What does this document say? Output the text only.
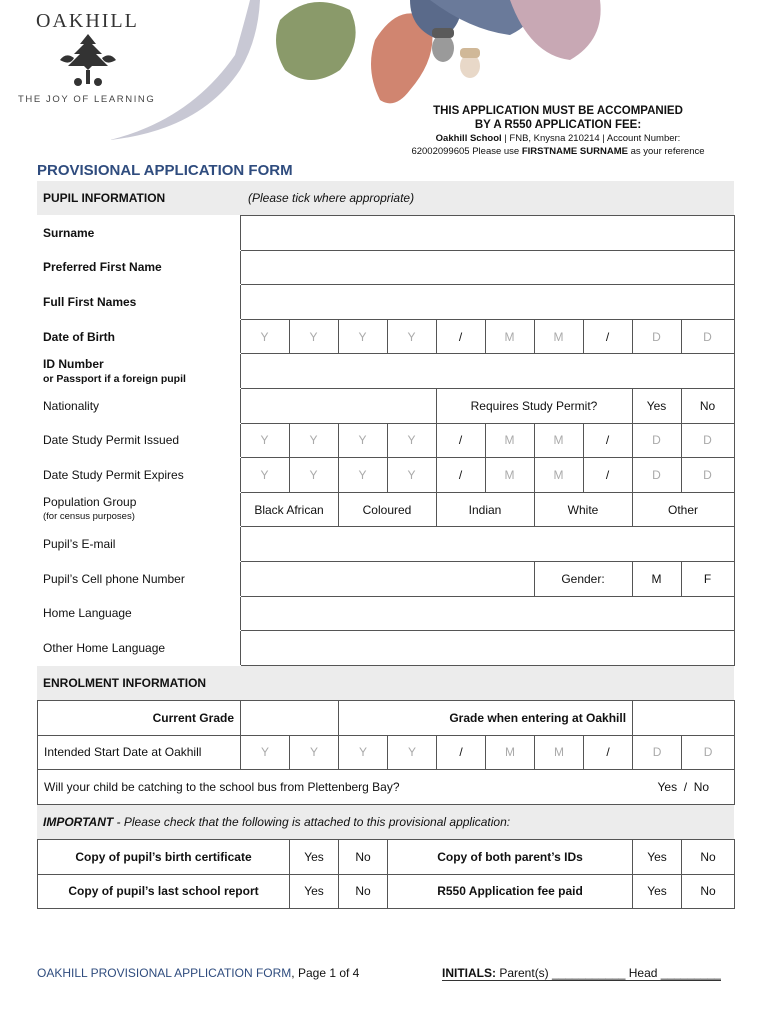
OAKHILL
THE JOY OF LEARNING
THIS APPLICATION MUST BE ACCOMPANIED
BY A R550 APPLICATION FEE:
Oakhill School | FNB, Knysna 210214 | Account Number:
62002099605 Please use FIRSTNAME SURNAME as your reference
PROVISIONAL APPLICATION FORM
PUPIL INFORMATION	(Please tick where appropriate)
Surname										
Preferred First Name										
Full First Names										
Date of Birth	Y	Y	Y	Y	/	M	M	/	D	D

ID Number
or Passport if a foreign pupil										

Nationality					Requires Study Permit?				Yes	No
Date Study Permit Issued	Y	Y	Y	Y	/	M	M	/	D	D
Date Study Permit Expires	Y	Y	Y	Y	/	M	M	/	D	D

Population Group
(for census purposes)	Black African		Coloured		Indian		White		Other	
Pupil’s E-mail										
Pupil’s Cell phone Number							Gender:		M	F
Home Language										
Other Home Language										
ENROLMENT INFORMATION
Current Grade			Grade when entering at Oakhill							
Intended Start Date at Oakhill	Y	Y	Y	Y	/	M	M	/	D	D
Will your child be catching to the school bus from Plettenberg Bay?									Yes  /  No	
IMPORTANT - Please check that the following is attached to this provisional application:
Copy of pupil’s birth certificate	Yes	No	Copy of both parent’s IDs	Yes	No
Copy of pupil’s last school report	Yes	No	R550 Application fee paid	Yes	No
OAKHILL PROVISIONAL APPLICATION FORM, Page 1 of 4	INITIALS: Parent(s) ___________ Head _________
